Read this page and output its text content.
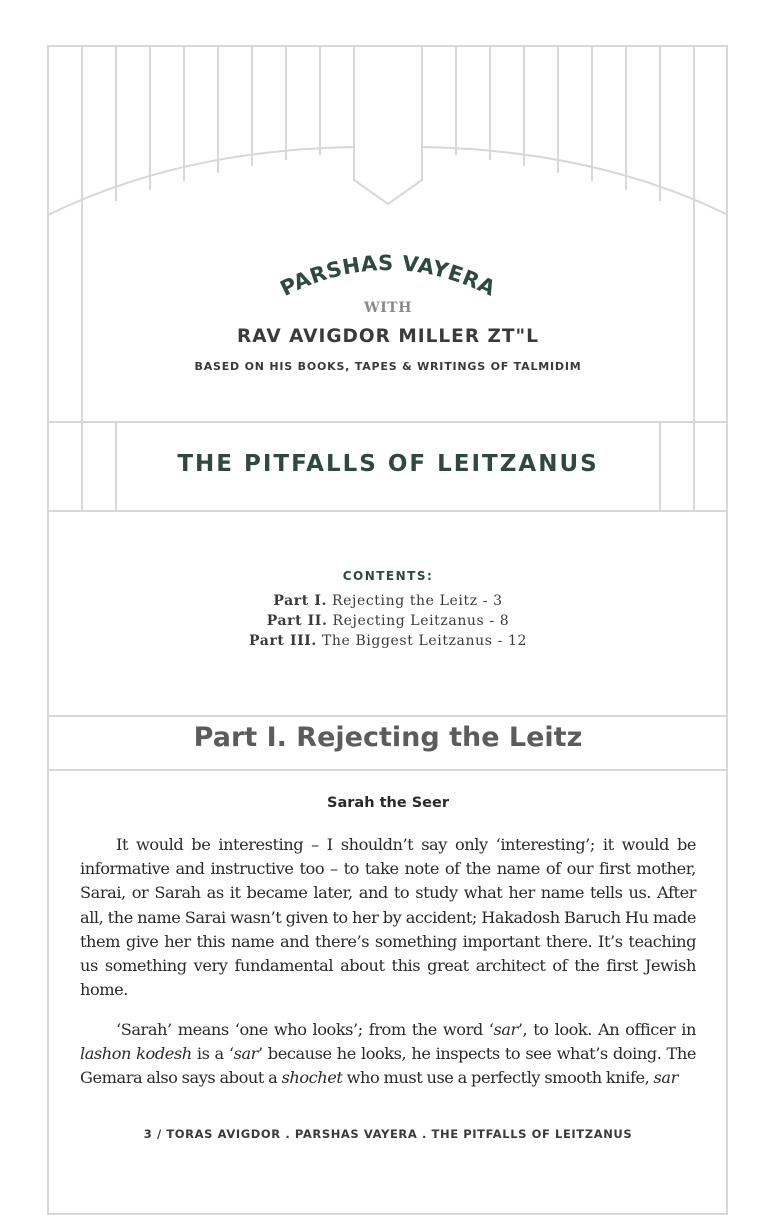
PARSHAS VAYERA
WITH
RAV AVIGDOR MILLER ZT"L
BASED ON HIS BOOKS, TAPES & WRITINGS OF TALMIDIM
THE PITFALLS OF LEITZANUS
CONTENTS:
Part I. Rejecting the Leitz - 3
Part II. Rejecting Leitzanus - 8
Part III. The Biggest Leitzanus - 12
Part I. Rejecting the Leitz
Sarah the Seer

It would be interesting – I shouldn’t say only ‘interesting’; it would be informative and instructive too – to take note of the name of our first mother, Sarai, or Sarah as it became later, and to study what her name tells us. After all, the name Sarai wasn’t given to her by accident; Hakadosh Baruch Hu made them give her this name and there’s something important there. It’s teaching us something very fundamental about this great architect of the first Jewish home.

‘Sarah’ means ‘one who looks’; from the word ‘sar’, to look. An officer in lashon kodesh is a ‘sar’ because he looks, he inspects to see what’s doing. The Gemara also says about a shochet who must use a perfectly smooth knife, sar

3 / TORAS AVIGDOR . PARSHAS VAYERA . THE PITFALLS OF LEITZANUS
